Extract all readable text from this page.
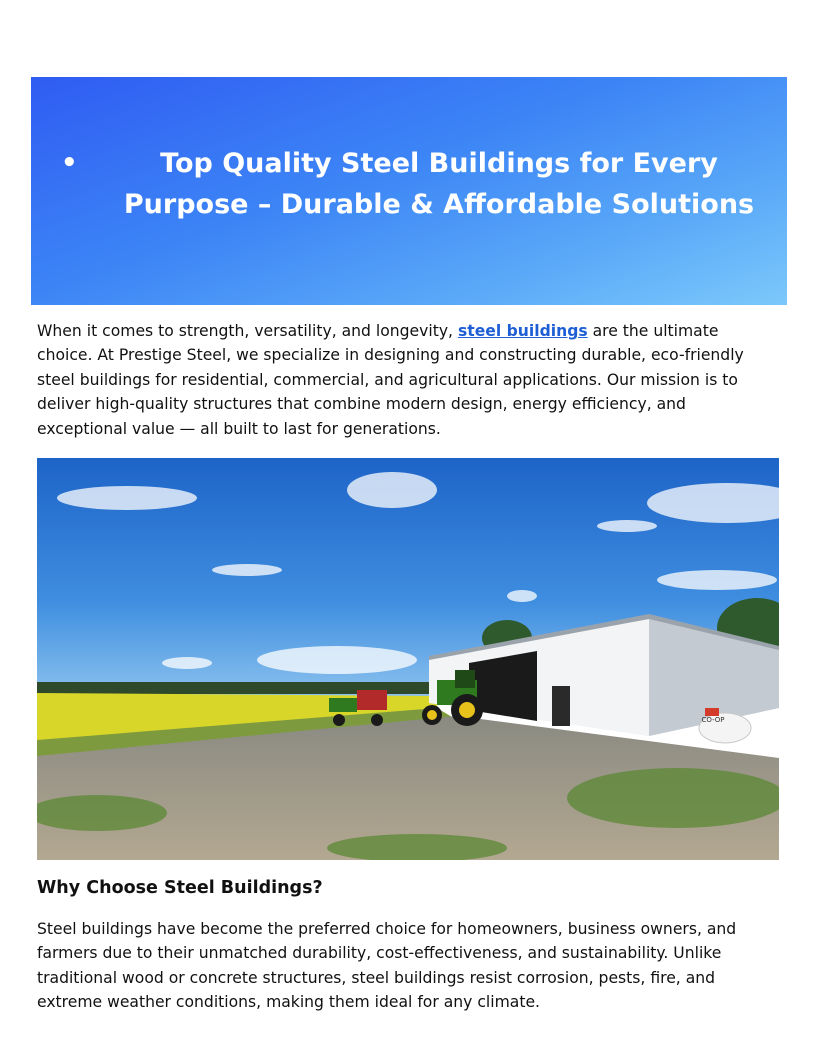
•	Top Quality Steel Buildings for Every Purpose – Durable & Affordable Solutions

When it comes to strength, versatility, and longevity, steel buildings are the ultimate choice. At Prestige Steel, we specialize in designing and constructing durable, eco-friendly steel buildings for residential, commercial, and agricultural applications. Our mission is to deliver high-quality structures that combine modern design, energy efficiency, and exceptional value — all built to last for generations.

CO-OP
Why Choose Steel Buildings?

Steel buildings have become the preferred choice for homeowners, business owners, and farmers due to their unmatched durability, cost-effectiveness, and sustainability. Unlike traditional wood or concrete structures, steel buildings resist corrosion, pests, fire, and extreme weather conditions, making them ideal for any climate.
